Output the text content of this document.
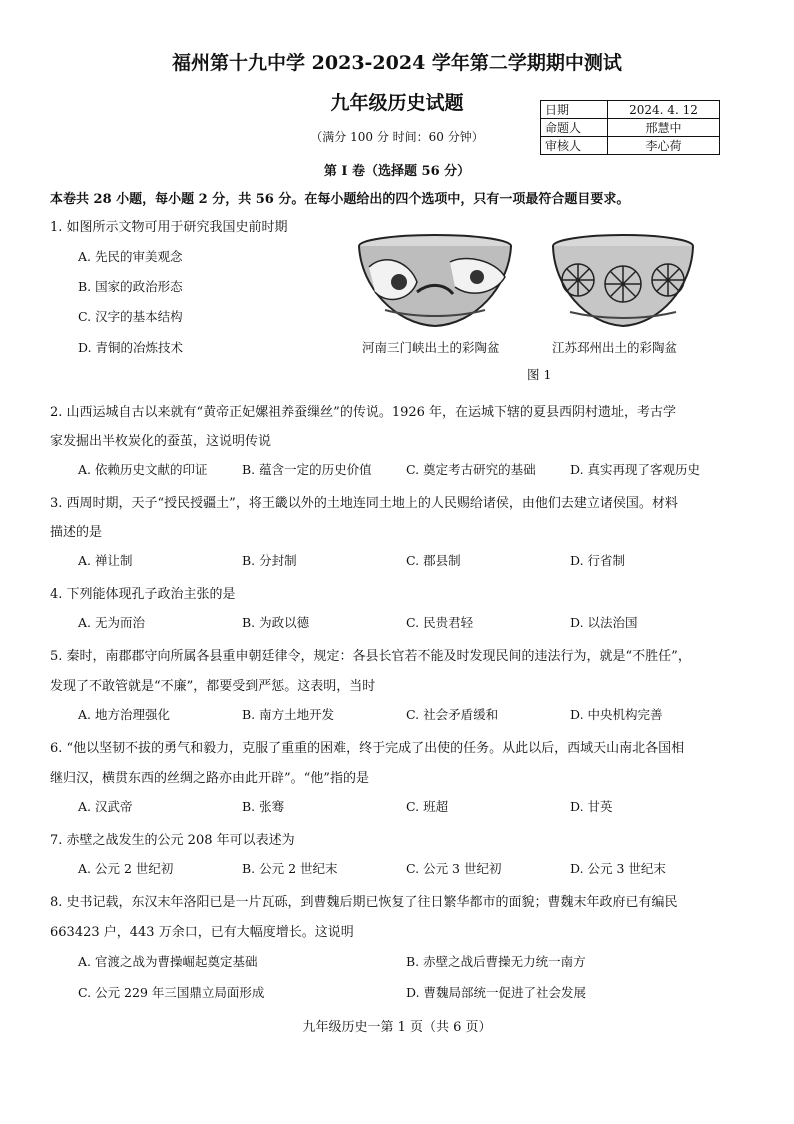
福州第十九中学 2023-2024 学年第二学期期中测试
九年级历史试题
（满分 100 分 时间：60 分钟）
日期	2024. 4. 12
命题人	邢慧中
审核人	李心荷
第 I 卷（选择题 56 分）
本卷共 28 小题，每小题 2 分，共 56 分。在每小题给出的四个选项中，只有一项最符合题目要求。
1. 如图所示文物可用于研究我国史前时期
A. 先民的审美观念
B. 国家的政治形态
C. 汉字的基本结构
D. 青铜的冶炼技术	河南三门峡出土的彩陶盆	江苏邳州出土的彩陶盆
图 1
2. 山西运城自古以来就有“黄帝正妃嫘祖养蚕缫丝”的传说。1926 年，在运城下辖的夏县西阴村遗址，考古学
家发掘出半枚炭化的蚕茧，这说明传说
A. 依赖历史文献的印证	B. 蕴含一定的历史价值	C. 奠定考古研究的基础	D. 真实再现了客观历史
3. 西周时期，天子“授民授疆土”，将王畿以外的土地连同土地上的人民赐给诸侯，由他们去建立诸侯国。材料
描述的是
A. 禅让制	B. 分封制	C. 郡县制	D. 行省制
4. 下列能体现孔子政治主张的是
A. 无为而治	B. 为政以德	C. 民贵君轻	D. 以法治国
5. 秦时，南郡郡守向所属各县重申朝廷律令，规定：各县长官若不能及时发现民间的违法行为，就是“不胜任”，
发现了不敢管就是“不廉”，都要受到严惩。这表明，当时
A. 地方治理强化	B. 南方土地开发	C. 社会矛盾缓和	D. 中央机构完善
6. “他以坚韧不拔的勇气和毅力，克服了重重的困难，终于完成了出使的任务。从此以后，西域天山南北各国相
继归汉，横贯东西的丝绸之路亦由此开辟”。“他”指的是
A. 汉武帝	B. 张骞	C. 班超	D. 甘英
7. 赤壁之战发生的公元 208 年可以表述为
A. 公元 2 世纪初	B. 公元 2 世纪末	C. 公元 3 世纪初	D. 公元 3 世纪末
8. 史书记载，东汉末年洛阳已是一片瓦砾，到曹魏后期已恢复了往日繁华都市的面貌；曹魏末年政府已有编民
663423 户，443 万余口，已有大幅度增长。这说明
A. 官渡之战为曹操崛起奠定基础	B. 赤壁之战后曹操无力统一南方
C. 公元 229 年三国鼎立局面形成	D. 曹魏局部统一促进了社会发展
九年级历史一第 1 页（共 6 页）
